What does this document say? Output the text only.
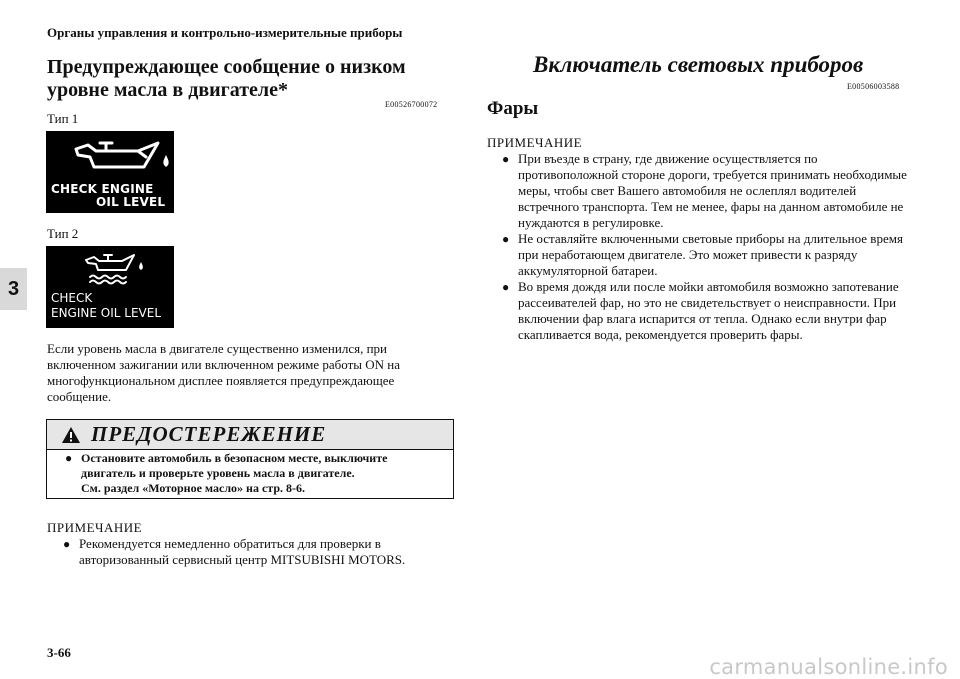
Органы управления и контрольно-измерительные приборы
3
Предупреждающее сообщение о низком уровне масла в двигателе*
E00526700072
Тип 1
CHECK ENGINE
OIL LEVEL
Тип 2
CHECK
ENGINE OIL LEVEL
Если уровень масла в двигателе существенно изменился, при включенном зажигании или включенном режиме работы ON на многофункциональном дисплее появляется предупреждающее сообщение.
ПРЕДОСТЕРЕЖЕНИЕ
● Остановите автомобиль в безопасном месте, выключите
двигатель и проверьте уровень масла в двигателе.
См. раздел «Моторное масло» на стр. 8-6.
ПРИМЕЧАНИЕ
● Рекомендуется немедленно обратиться для проверки в авторизованный сервисный центр MITSUBISHI MOTORS.
Включатель световых приборов
E00506003588
Фары
ПРИМЕЧАНИЕ
● При въезде в страну, где движение осуществляется по противоположной стороне дороги, требуется принимать необходимые меры, чтобы свет Вашего автомобиля не ослеплял водителей встречного транспорта. Тем не менее, фары на данном автомобиле не нуждаются в регулировке.
● Не оставляйте включенными световые приборы на длительное время при неработающем двигателе. Это может привести к разряду аккумуляторной батареи.
● Во время дождя или после мойки автомобиля возможно запотевание рассеивателей фар, но это не свидетельствует о неисправности. При включении фар влага испарится от тепла. Однако если внутри фар скапливается вода, рекомендуется проверить фары.
3-66
carmanualsonline.info
